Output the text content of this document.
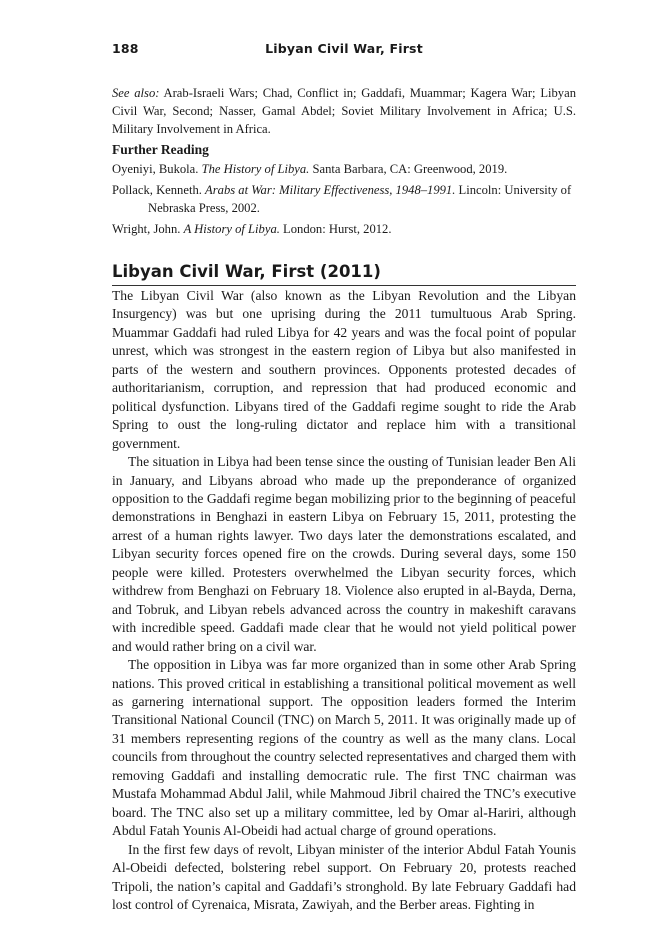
188	Libyan Civil War, First
See also: Arab-Israeli Wars; Chad, Conflict in; Gaddafi, Muammar; Kagera War; Libyan Civil War, Second; Nasser, Gamal Abdel; Soviet Military Involvement in Africa; U.S. Military Involvement in Africa.
Further Reading
Oyeniyi, Bukola. The History of Libya. Santa Barbara, CA: Greenwood, 2019.
Pollack, Kenneth. Arabs at War: Military Effectiveness, 1948–1991. Lincoln: University of Nebraska Press, 2002.
Wright, John. A History of Libya. London: Hurst, 2012.
Libyan Civil War, First (2011)

The Libyan Civil War (also known as the Libyan Revolution and the Libyan Insurgency) was but one uprising during the 2011 tumultuous Arab Spring. Muammar Gaddafi had ruled Libya for 42 years and was the focal point of popular unrest, which was strongest in the eastern region of Libya but also manifested in parts of the western and southern provinces. Opponents protested decades of authoritarianism, corruption, and repression that had produced economic and political dysfunction. Libyans tired of the Gaddafi regime sought to ride the Arab Spring to oust the long-ruling dictator and replace him with a transitional government.

The situation in Libya had been tense since the ousting of Tunisian leader Ben Ali in January, and Libyans abroad who made up the preponderance of organized opposition to the Gaddafi regime began mobilizing prior to the beginning of peaceful demonstrations in Benghazi in eastern Libya on February 15, 2011, protesting the arrest of a human rights lawyer. Two days later the demonstrations escalated, and Libyan security forces opened fire on the crowds. During several days, some 150 people were killed. Protesters overwhelmed the Libyan security forces, which withdrew from Benghazi on February 18. Violence also erupted in al-Bayda, Derna, and Tobruk, and Libyan rebels advanced across the country in makeshift caravans with incredible speed. Gaddafi made clear that he would not yield political power and would rather bring on a civil war.

The opposition in Libya was far more organized than in some other Arab Spring nations. This proved critical in establishing a transitional political movement as well as garnering international support. The opposition leaders formed the Interim Transitional National Council (TNC) on March 5, 2011. It was originally made up of 31 members representing regions of the country as well as the many clans. Local councils from throughout the country selected representatives and charged them with removing Gaddafi and installing democratic rule. The first TNC chairman was Mustafa Mohammad Abdul Jalil, while Mahmoud Jibril chaired the TNC’s executive board. The TNC also set up a military committee, led by Omar al-Hariri, although Abdul Fatah Younis Al-Obeidi had actual charge of ground operations.

In the first few days of revolt, Libyan minister of the interior Abdul Fatah Younis Al-Obeidi defected, bolstering rebel support. On February 20, protests reached Tripoli, the nation’s capital and Gaddafi’s stronghold. By late February Gaddafi had lost control of Cyrenaica, Misrata, Zawiyah, and the Berber areas. Fighting in
